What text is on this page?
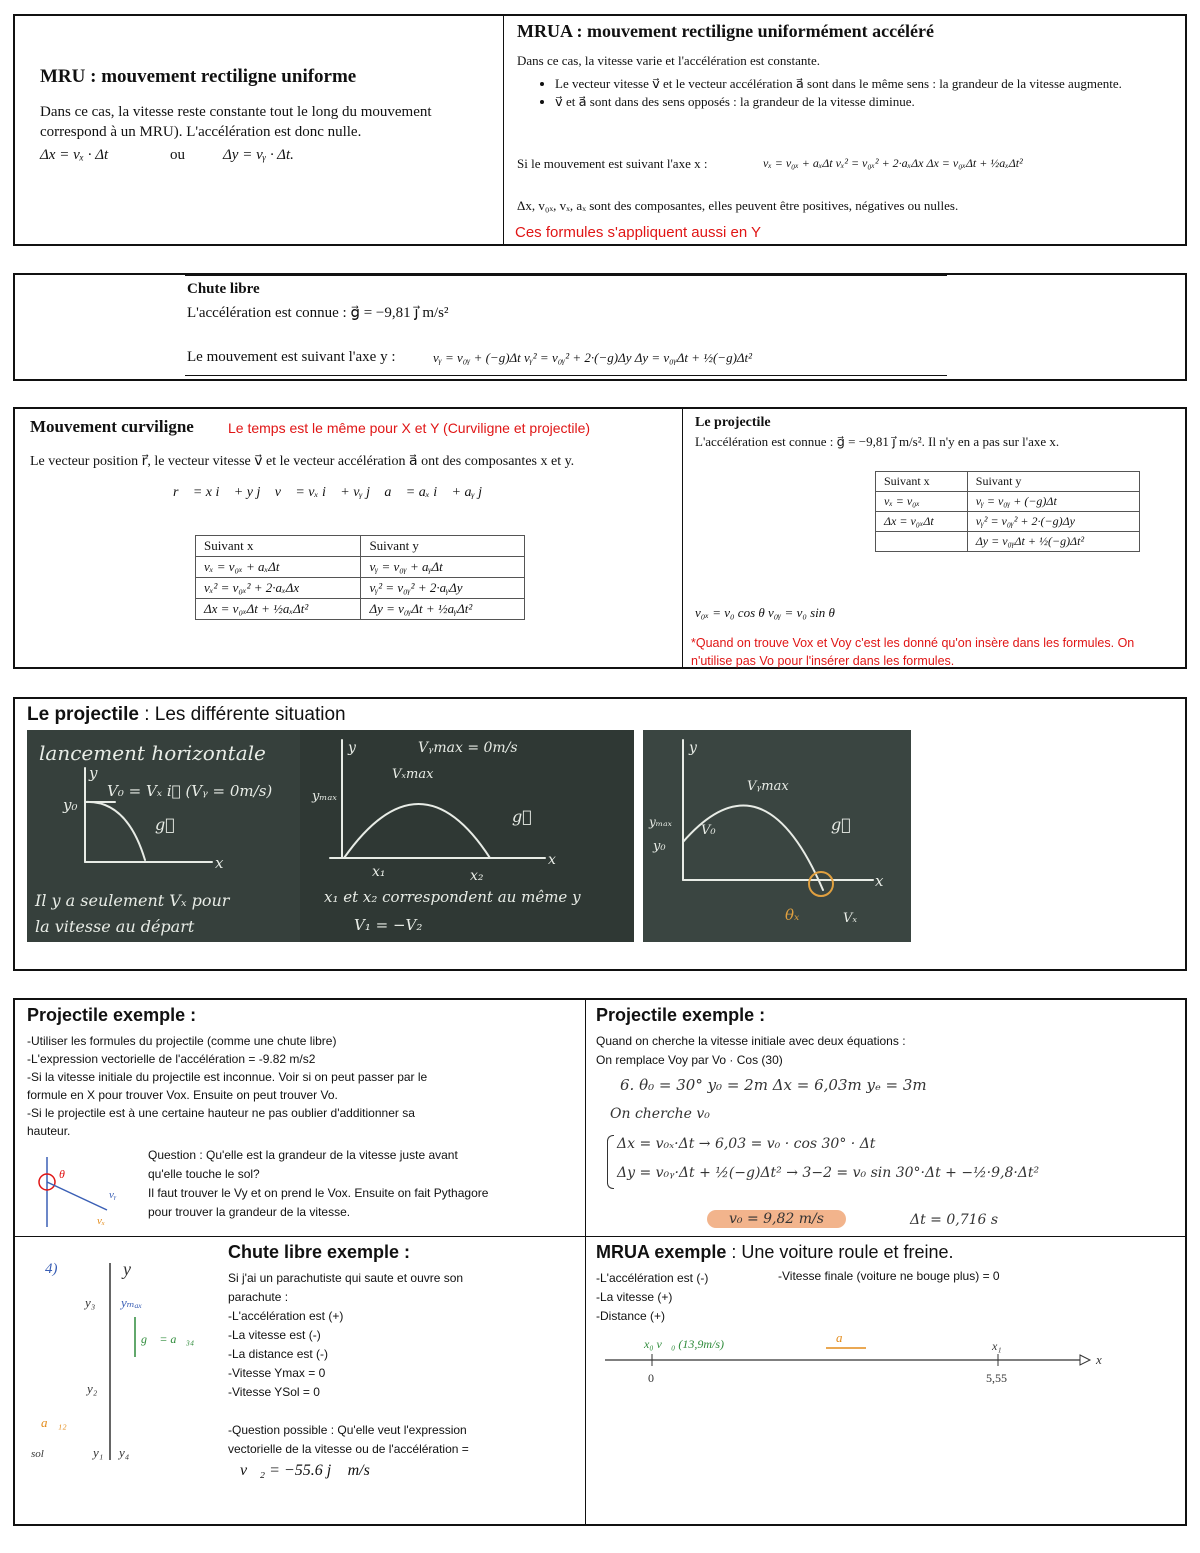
MRU : mouvement rectiligne uniforme
Dans ce cas, la vitesse reste constante tout le long du mouvement
correspond à un MRU). L'accélération est donc nulle.
Δx = vₓ · Δt	ou	Δy = vᵧ · Δt.
MRUA : mouvement rectiligne uniformément accéléré
Dans ce cas, la vitesse varie et l'accélération est constante.
• Le vecteur vitesse v⃗ et le vecteur accélération a⃗ sont dans le même sens : la grandeur de la vitesse augmente.
• v⃗ et a⃗ sont dans des sens opposés : la grandeur de la vitesse diminue.
Si le mouvement est suivant l'axe x :	vₓ = v₀ₓ + aₓΔt vₓ² = v₀ₓ² + 2·aₓΔx Δx = v₀ₓΔt + ½aₓΔt²
Δx, v₀ₓ, vₓ, aₓ sont des composantes, elles peuvent être positives, négatives ou nulles.
Ces formules s'appliquent aussi en Y
Chute libre
L'accélération est connue : g⃗ = −9,81 j⃗ m/s²
Le mouvement est suivant l'axe y :	vᵧ = v₀ᵧ + (−g)Δt vᵧ² = v₀ᵧ² + 2·(−g)Δy Δy = v₀ᵧΔt + ½(−g)Δt²
Mouvement curviligne Le temps est le même pour X et Y (Curviligne et projectile)
Le vecteur position r⃗, le vecteur vitesse v⃗ et le vecteur accélération a⃗ ont des composantes x et y.
r⃗ = x i⃗ + y j⃗ v⃗ = vₓ i⃗ + vᵧ j⃗ a⃗ = aₓ i⃗ + aᵧ j⃗
Suivant x	Suivant y
vₓ = v₀ₓ + aₓΔt	vᵧ = v₀ᵧ + aᵧΔt
vₓ² = v₀ₓ² + 2·aₓΔx	vᵧ² = v₀ᵧ² + 2·aᵧΔy
Δx = v₀ₓΔt + ½aₓΔt²	Δy = v₀ᵧΔt + ½aᵧΔt²
Le projectile
L'accélération est connue : g⃗ = −9,81 j⃗ m/s². Il n'y en a pas sur l'axe x.
Suivant x	Suivant y
vₓ = v₀ₓ	vᵧ = v₀ᵧ + (−g)Δt
Δx = v₀ₓΔt	vᵧ² = v₀ᵧ² + 2·(−g)Δy
	Δy = v₀ᵧΔt + ½(−g)Δt²
v₀ₓ = v₀ cos θ v₀ᵧ = v₀ sin θ
*Quand on trouve Vox et Voy c'est les donné qu'on insère dans les formules. On n'utilise pas Vo pour l'insérer dans les formules.
Le projectile : Les différente situation
lancement horizontale
V₀ = Vₓ i⃗ (Vᵧ = 0m/s)
g⃗
y₀
y
x
Il y a seulement Vₓ pour
la vitesse au départ
Vᵧmax = 0m/s
Vₓmax
g⃗
yₘₐₓ
y
x₁	x₂
x
x₁ et x₂ correspondent au même y
V₁ = −V₂
Vᵧmax
g⃗
yₘₐₓ
y₀
V₀
y
x
θₓ	Vₓ
Projectile exemple :
-Utiliser les formules du projectile (comme une chute libre)
-L'expression vectorielle de l'accélération = -9.82 m/s2
-Si la vitesse initiale du projectile est inconnue. Voir si on peut passer par le
formule en X pour trouver Vox. Ensuite on peut trouver Vo.
-Si le projectile est à une certaine hauteur ne pas oublier d'additionner sa
hauteur.
θ
vₓ
vᵧ
Question : Qu'elle est la grandeur de la vitesse juste avant
qu'elle touche le sol?
Il faut trouver le Vy et on prend le Vox. Ensuite on fait Pythagore
pour trouver la grandeur de la vitesse.
Projectile exemple :
Quand on cherche la vitesse initiale avec deux équations :
On remplace Voy par Vo · Cos (30)
6. θ₀ = 30° y₀ = 2m Δx = 6,03m yₑ = 3m
On cherche v₀
Δx = v₀ₓ·Δt → 6,03 = v₀ · cos 30° · Δt
Δy = v₀ᵧ·Δt + ½(−g)Δt² → 3−2 = v₀ sin 30°·Δt + −½·9,8·Δt²
v₀ = 9,82 m/s	Δt = 0,716 s
4)	y
y₃ yₘₐₓ
g⃗ = a⃗₃₄
y₂
a⃗₁₂
sol	y₁ y₄
Chute libre exemple :
Si j'ai un parachutiste qui saute et ouvre son
parachute :
-L'accélération est (+)
-La vitesse est (-)
-La distance est (-)
-Vitesse Ymax = 0
-Vitesse YSol = 0
-Question possible : Qu'elle veut l'expression
vectorielle de la vitesse ou de l'accélération =
v⃗₂ = −55.6 j⃗ m/s
MRUA exemple : Une voiture roule et freine.
-L'accélération est (-)
-La vitesse (+)
-Distance (+)
-Vitesse finale (voiture ne bouge plus) = 0
x₀ v⃗₀ (13,9m/s)	a⃗
x₁
0	5,55
x
